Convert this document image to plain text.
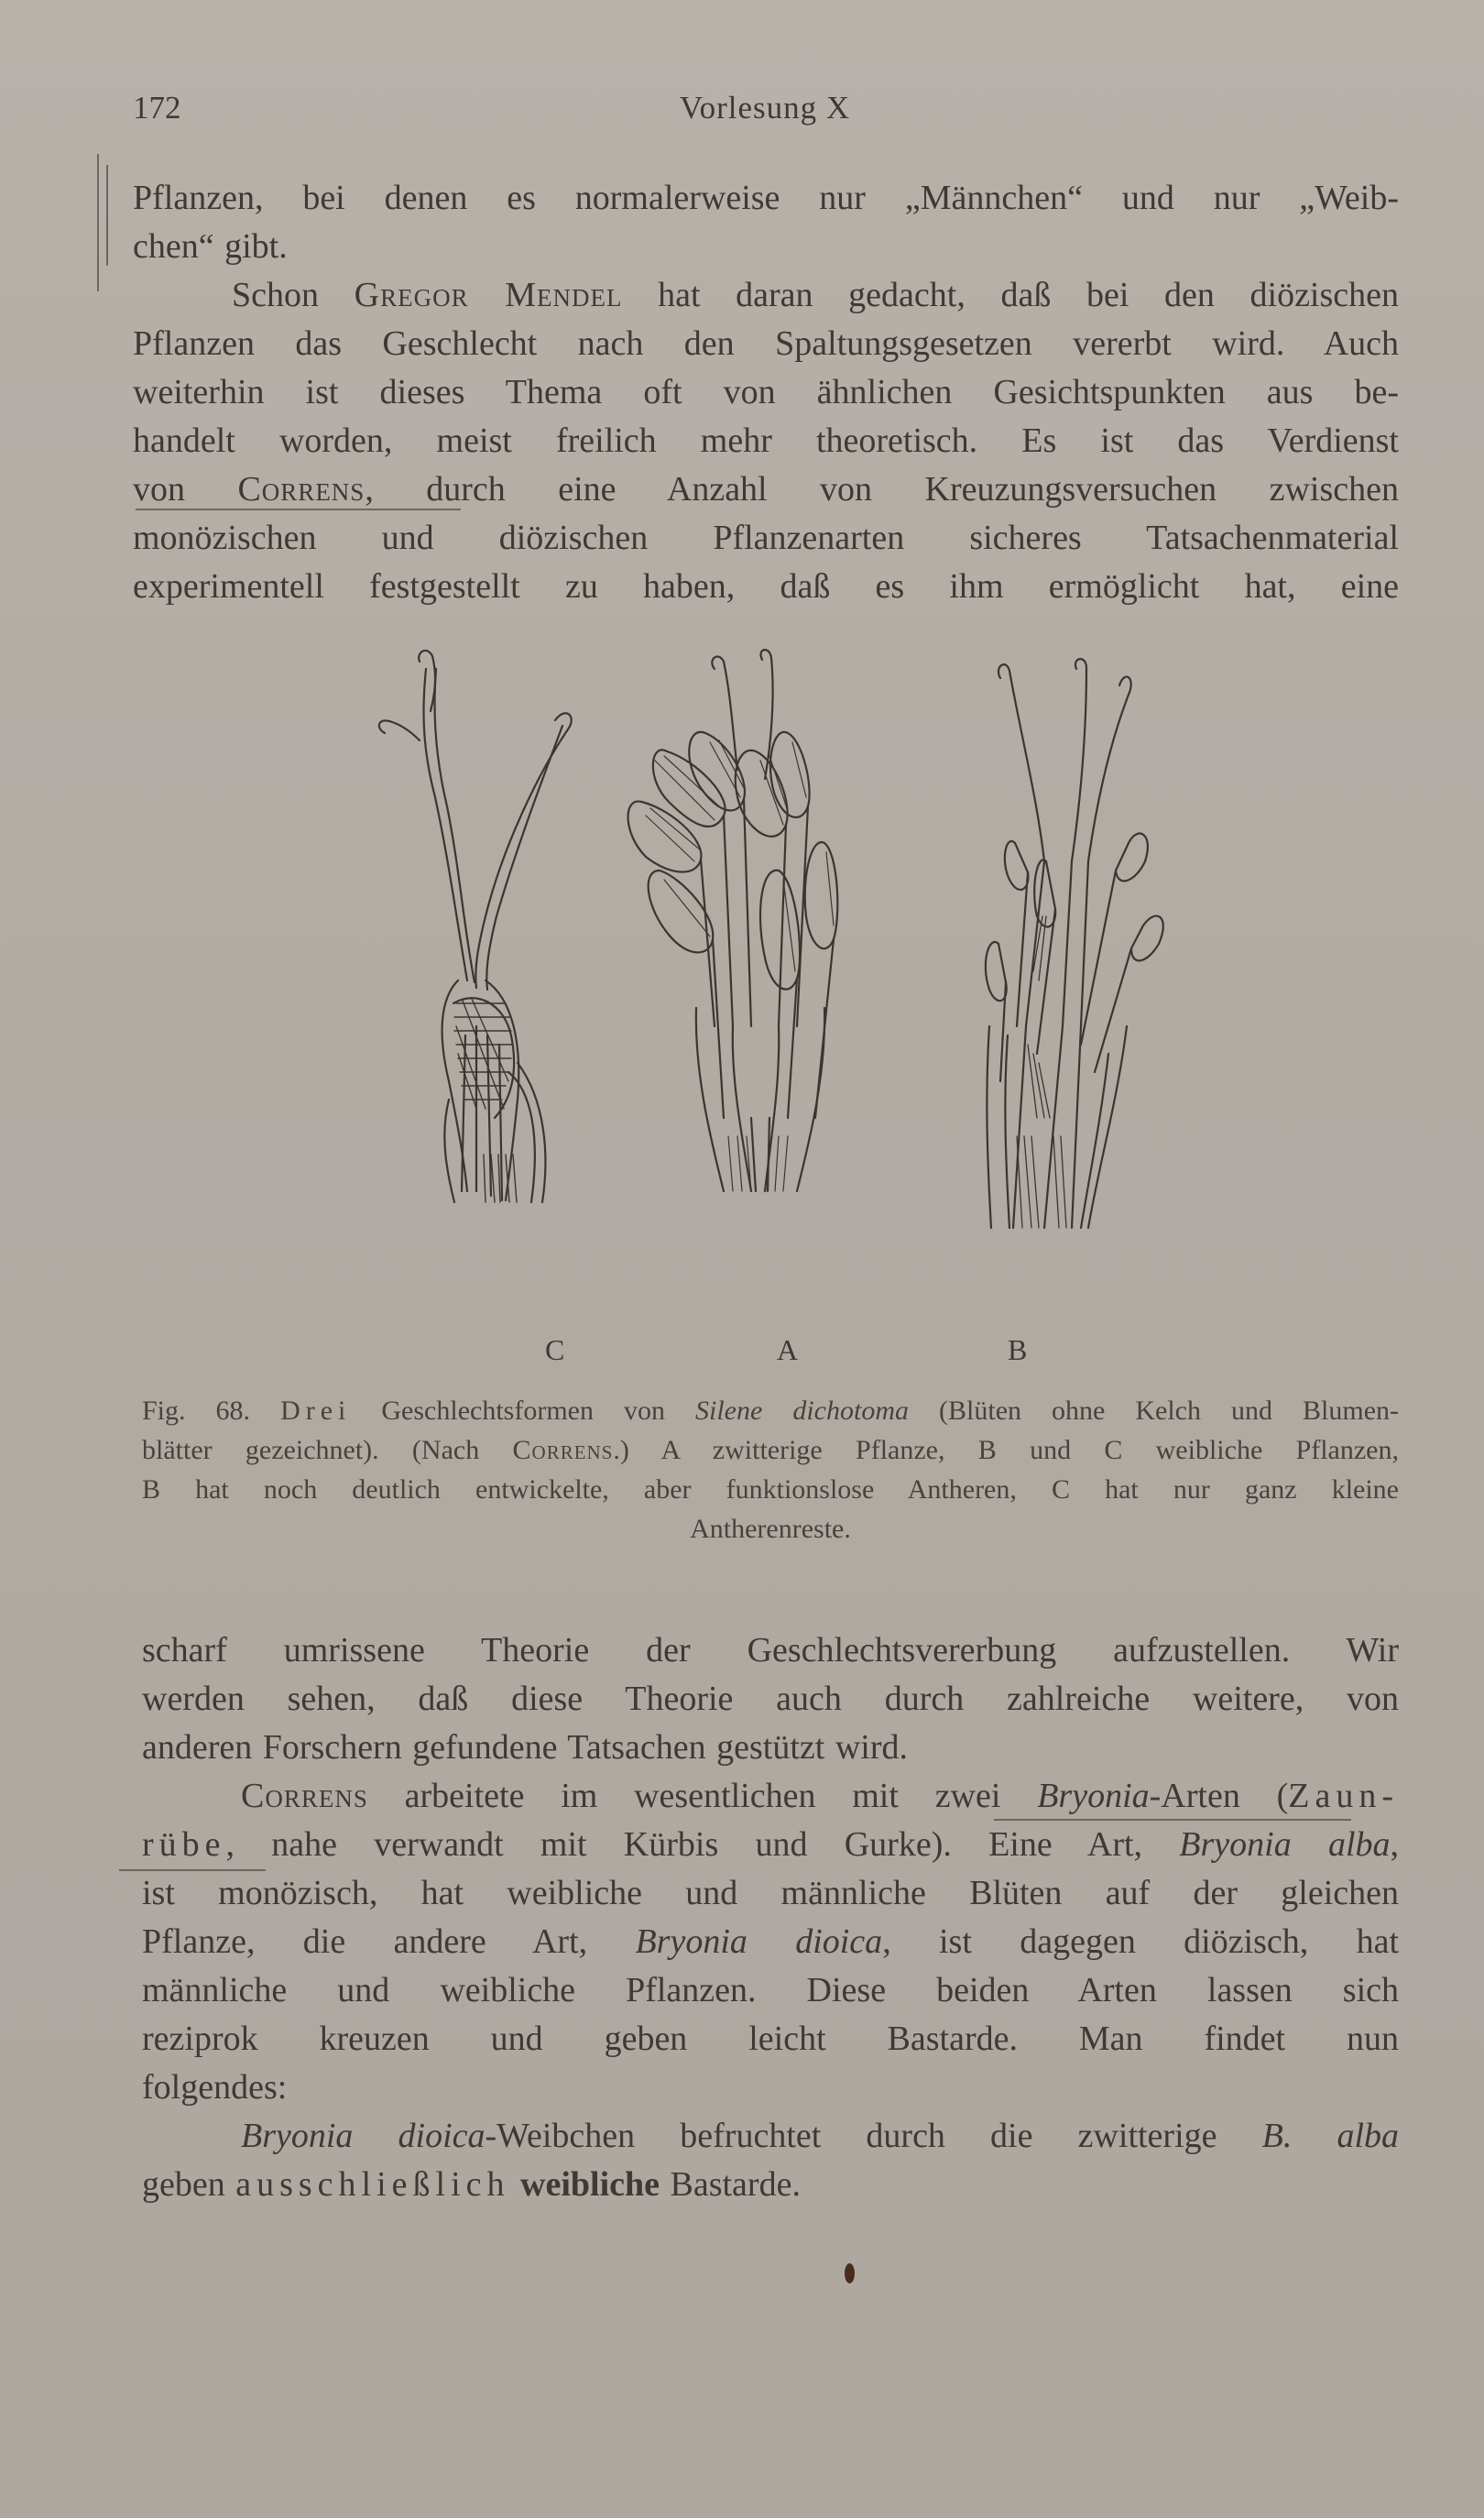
172	Vorlesung X
Pflanzen, bei denen es normalerweise nur „Männchen“ und nur „Weib-
chen“ gibt.
Schon Gregor Mendel hat daran gedacht, daß bei den diözischen
Pflanzen das Geschlecht nach den Spaltungsgesetzen vererbt wird. Auch
weiterhin ist dieses Thema oft von ähnlichen Gesichtspunkten aus be-
handelt worden, meist freilich mehr theoretisch. Es ist das Verdienst
von Correns, durch eine Anzahl von Kreuzungsversuchen zwischen
monözischen und diözischen Pflanzenarten sicheres Tatsachenmaterial
experimentell festgestellt zu haben, daß es ihm ermöglicht hat, eine
C	A	B
Fig. 68. Drei Geschlechtsformen von Silene dichotoma (Blüten ohne Kelch und Blumen-
blätter gezeichnet). (Nach Correns.) A zwitterige Pflanze, B und C weibliche Pflanzen,
B hat noch deutlich entwickelte, aber funktionslose Antheren, C hat nur ganz kleine
Antherenreste.
scharf umrissene Theorie der Geschlechtsvererbung aufzustellen. Wir
werden sehen, daß diese Theorie auch durch zahlreiche weitere, von
anderen Forschern gefundene Tatsachen gestützt wird.
Correns arbeitete im wesentlichen mit zwei Bryonia-Arten (Zaun-
rübe, nahe verwandt mit Kürbis und Gurke). Eine Art, Bryonia alba,
ist monözisch, hat weibliche und männliche Blüten auf der gleichen
Pflanze, die andere Art, Bryonia dioica, ist dagegen diözisch, hat
männliche und weibliche Pflanzen. Diese beiden Arten lassen sich
reziprok kreuzen und geben leicht Bastarde. Man findet nun
folgendes:
Bryonia dioica-Weibchen befruchtet durch die zwitterige B. alba
geben ausschließlich weibliche Bastarde.
